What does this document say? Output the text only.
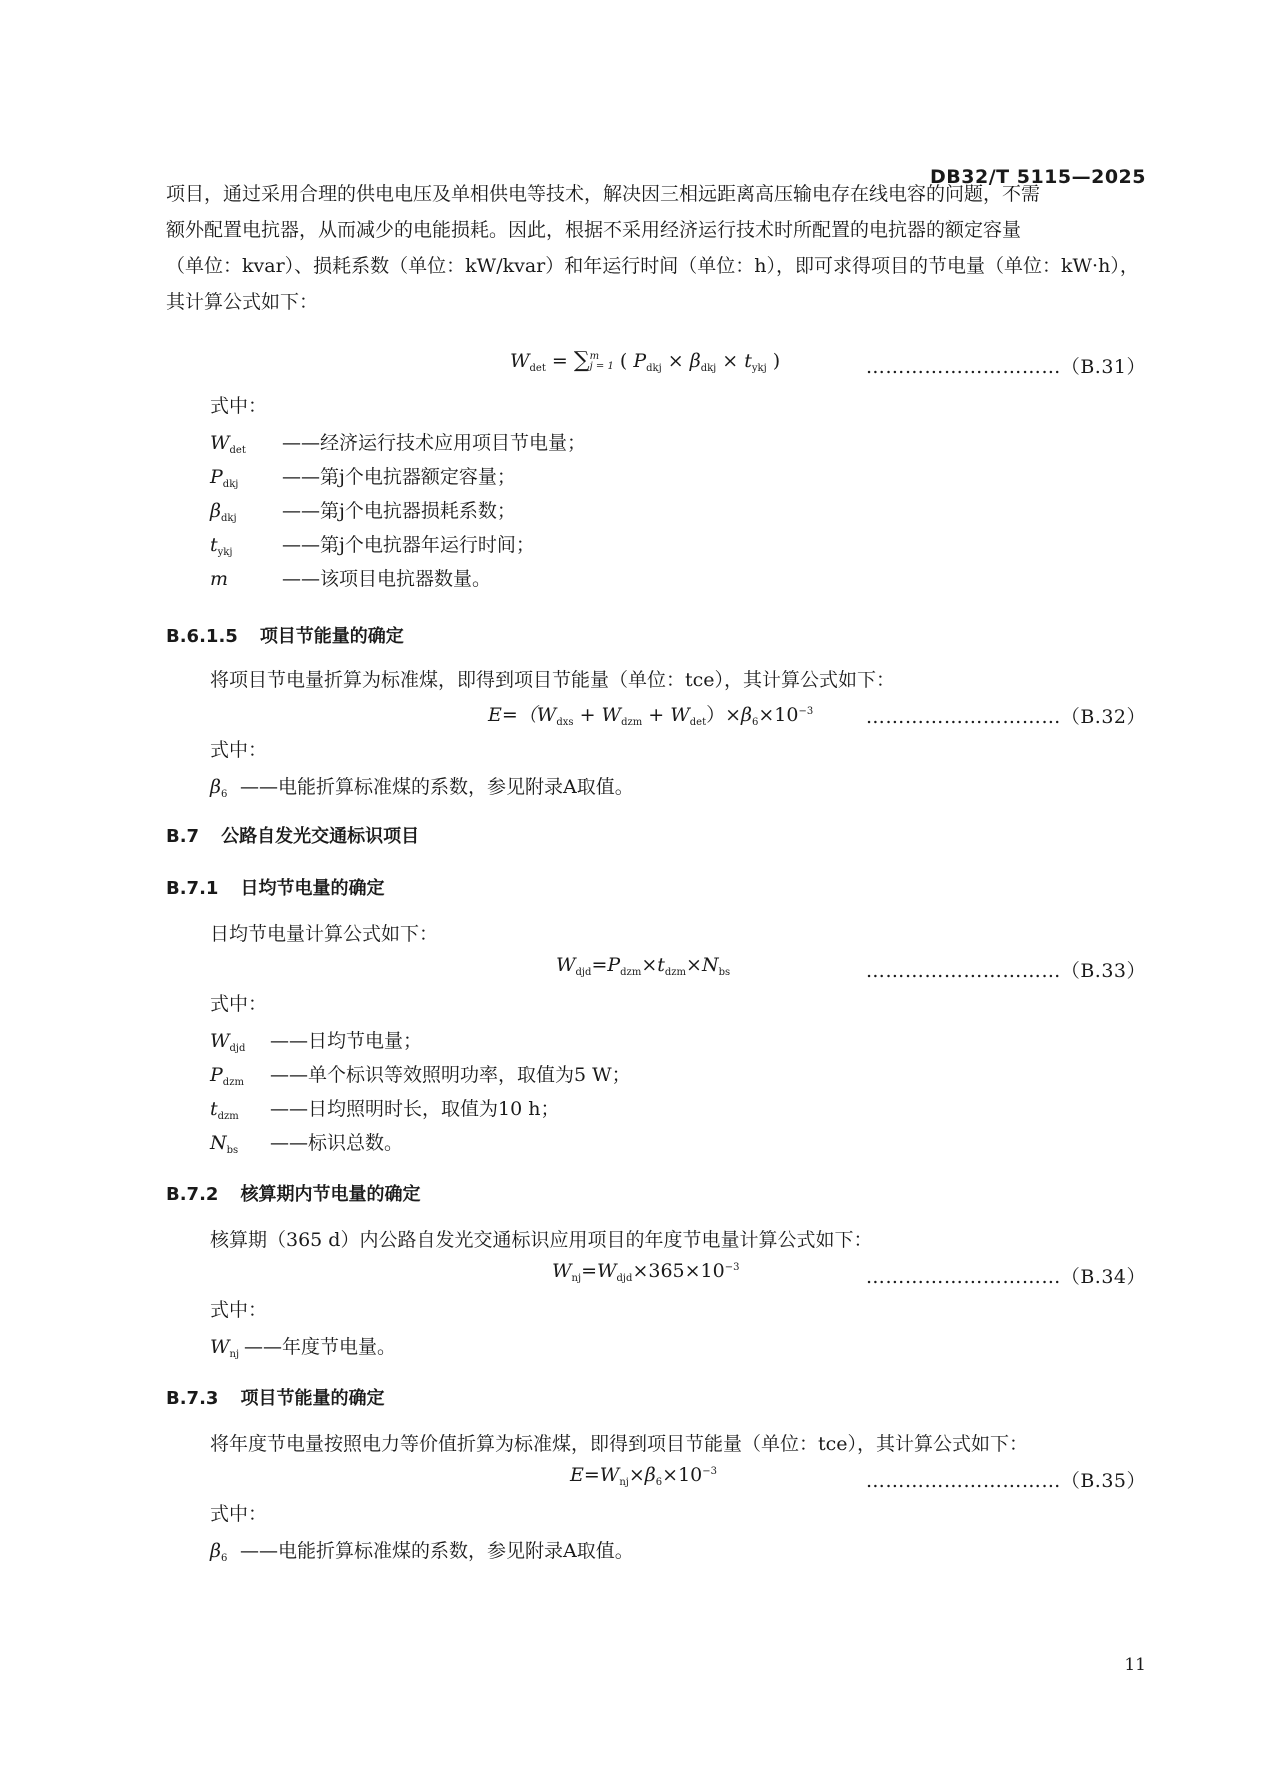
DB32/T 5115—2025
项目，通过采用合理的供电电压及单相供电等技术，解决因三相远距离高压输电存在线电容的问题，不需
额外配置电抗器，从而减少的电能损耗。因此，根据不采用经济运行技术时所配置的电抗器的额定容量
（单位：kvar）、损耗系数（单位：kW/kvar）和年运行时间（单位：h），即可求得项目的节电量（单位：kW·h），
其计算公式如下：
$W_{det} = \sum m$
j = 1 ( $P_{dkj} \times \beta_{dkj} \times t_{ykj}$ )	…………………………（B.31）
式中：
$W_{det}$ ——经济运行技术应用项目节电量；
$P_{dkj}$ ——第j个电抗器额定容量；
$\beta_{dkj}$ ——第j个电抗器损耗系数；
$t_{ykj}$	——第j个电抗器年运行时间；
m	——该项目电抗器数量。
B.6.1.5 项目节能量的确定
将项目节电量折算为标准煤，即得到项目节能量（单位：tce），其计算公式如下：
$E=(W_{dxs} + W_{dzm} + W_{det})\times\beta_6\times 10^{-3}$	…………………………（B.32）
式中：
$\beta_6$ ——电能折算标准煤的系数，参见附录A取值。
B.7 公路自发光交通标识项目
B.7.1 日均节电量的确定
日均节电量计算公式如下：
$W_{djd}=P_{dzm}\times t_{dzm}\times N_{bs}$	…………………………（B.33）
式中：
$W_{djd}$ ——日均节电量；
$P_{dzm}$ ——单个标识等效照明功率，取值为5 W；
$t_{dzm}$ ——日均照明时长，取值为10 h；
$N_{bs}$ ——标识总数。
B.7.2 核算期内节电量的确定
核算期（365 d）内公路自发光交通标识应用项目的年度节电量计算公式如下：
$W_{nj}=W_{djd}\times 365\times 10^{-3}$	…………………………（B.34）
式中：
$W_{nj}$ ——年度节电量。
B.7.3 项目节能量的确定
将年度节电量按照电力等价值折算为标准煤，即得到项目节能量（单位：tce），其计算公式如下：
$E=W_{nj}\times\beta_6\times 10^{-3}$	…………………………（B.35）
式中：
$\beta_6$ ——电能折算标准煤的系数，参见附录A取值。
11
